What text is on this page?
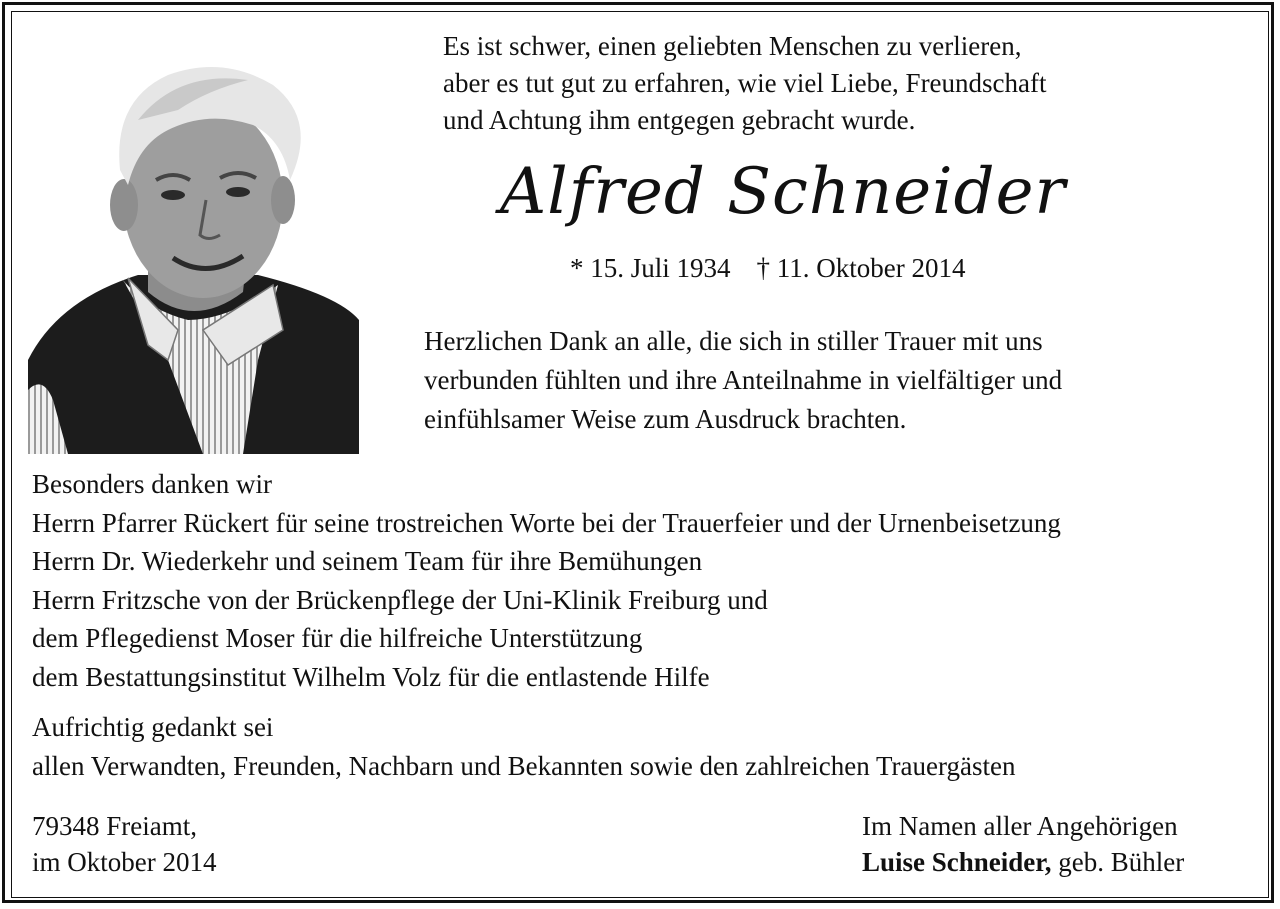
Es ist schwer, einen geliebten Menschen zu verlieren,
aber es tut gut zu erfahren, wie viel Liebe, Freundschaft
und Achtung ihm entgegen gebracht wurde.
Alfred Schneider
* 15. Juli 1934 † 11. Oktober 2014
Herzlichen Dank an alle, die sich in stiller Trauer mit uns
verbunden fühlten und ihre Anteilnahme in vielfältiger und
einfühlsamer Weise zum Ausdruck brachten.
Besonders danken wir
Herrn Pfarrer Rückert für seine trostreichen Worte bei der Trauerfeier und der Urnenbeisetzung
Herrn Dr. Wiederkehr und seinem Team für ihre Bemühungen
Herrn Fritzsche von der Brückenpflege der Uni-Klinik Freiburg und
dem Pflegedienst Moser für die hilfreiche Unterstützung
dem Bestattungsinstitut Wilhelm Volz für die entlastende Hilfe
Aufrichtig gedankt sei
allen Verwandten, Freunden, Nachbarn und Bekannten sowie den zahlreichen Trauergästen
79348 Freiamt,
im Oktober 2014
Im Namen aller Angehörigen
Luise Schneider, geb. Bühler
